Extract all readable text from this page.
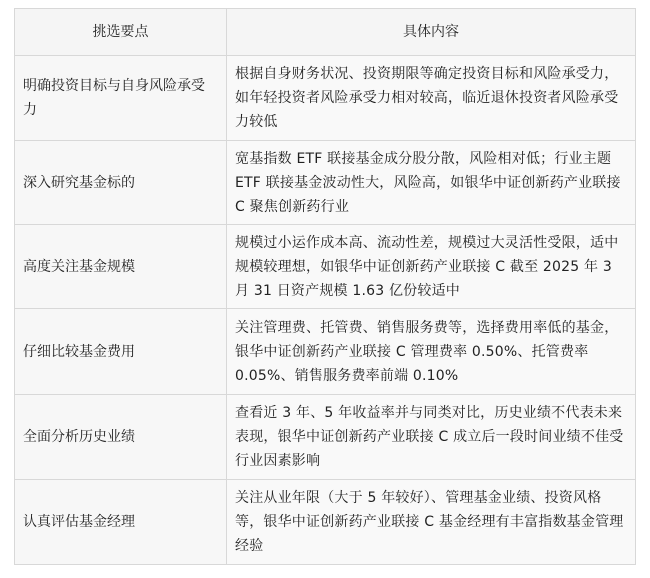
挑选要点	具体内容
明确投资目标与自身风险承受力	根据自身财务状况、投资期限等确定投资目标和风险承受力，如年轻投资者风险承受力相对较高，临近退休投资者风险承受力较低
深入研究基金标的	宽基指数 ETF 联接基金成分股分散，风险相对低；行业主题 ETF 联接基金波动性大，风险高，如银华中证创新药产业联接 C 聚焦创新药行业
高度关注基金规模	规模过小运作成本高、流动性差，规模过大灵活性受限，适中规模较理想，如银华中证创新药产业联接 C 截至 2025 年 3 月 31 日资产规模 1.63 亿份较适中
仔细比较基金费用	关注管理费、托管费、销售服务费等，选择费用率低的基金，银华中证创新药产业联接 C 管理费率 0.50%、托管费率 0.05%、销售服务费率前端 0.10%
全面分析历史业绩	查看近 3 年、5 年收益率并与同类对比，历史业绩不代表未来表现，银华中证创新药产业联接 C 成立后一段时间业绩不佳受行业因素影响
认真评估基金经理	关注从业年限（大于 5 年较好）、管理基金业绩、投资风格等，银华中证创新药产业联接 C 基金经理有丰富指数基金管理经验
